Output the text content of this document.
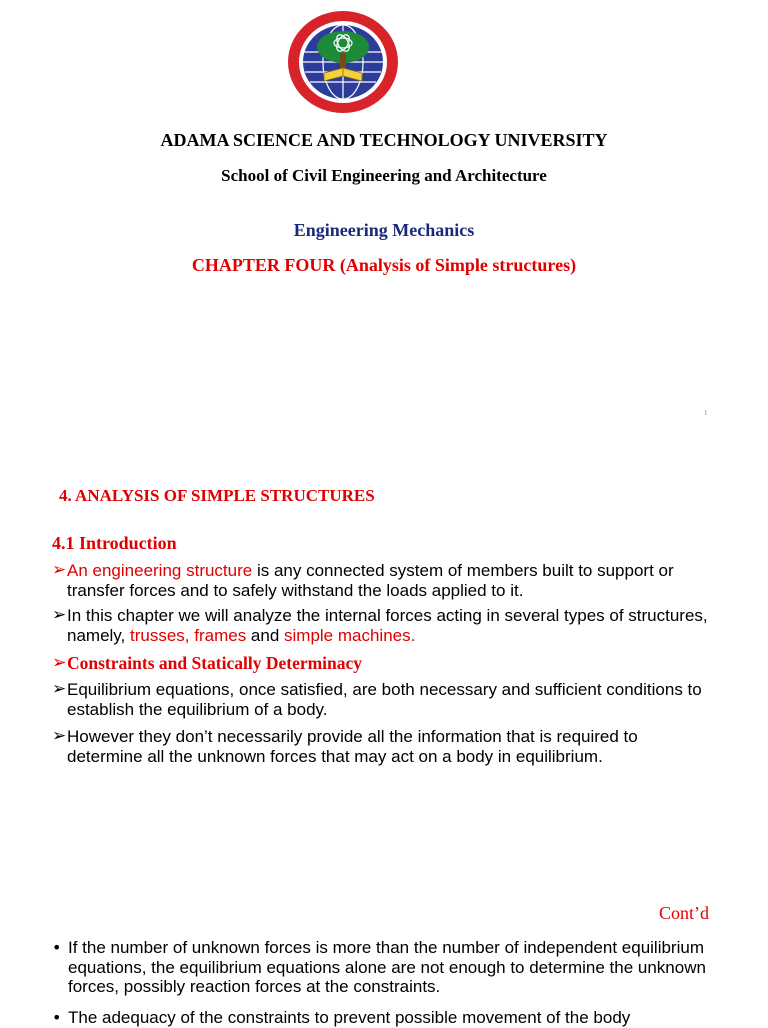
ADAMA SCIENCE AND TECHNOLOGY UNIVERSITY
School of Civil Engineering and Architecture
Engineering Mechanics
CHAPTER FOUR (Analysis of Simple structures)
1
4. ANALYSIS OF SIMPLE STRUCTURES
4.1 Introduction
➢ An engineering structure is any connected system of members built to support or transfer forces and to safely withstand the loads applied to it.
➢ In this chapter we will analyze the internal forces acting in several types of structures, namely, trusses, frames and simple machines.
➢ Constraints and Statically Determinacy
➢ Equilibrium equations, once satisfied, are both necessary and sufficient conditions to establish the equilibrium of a body.
➢ However they don’t necessarily provide all the information that is required to determine all the unknown forces that may act on a body in equilibrium.
Cont’d
• If the number of unknown forces is more than the number of independent equilibrium equations, the equilibrium equations alone are not enough to determine the unknown forces, possibly reaction forces at the constraints.
• The adequacy of the constraints to prevent possible movement of the body
